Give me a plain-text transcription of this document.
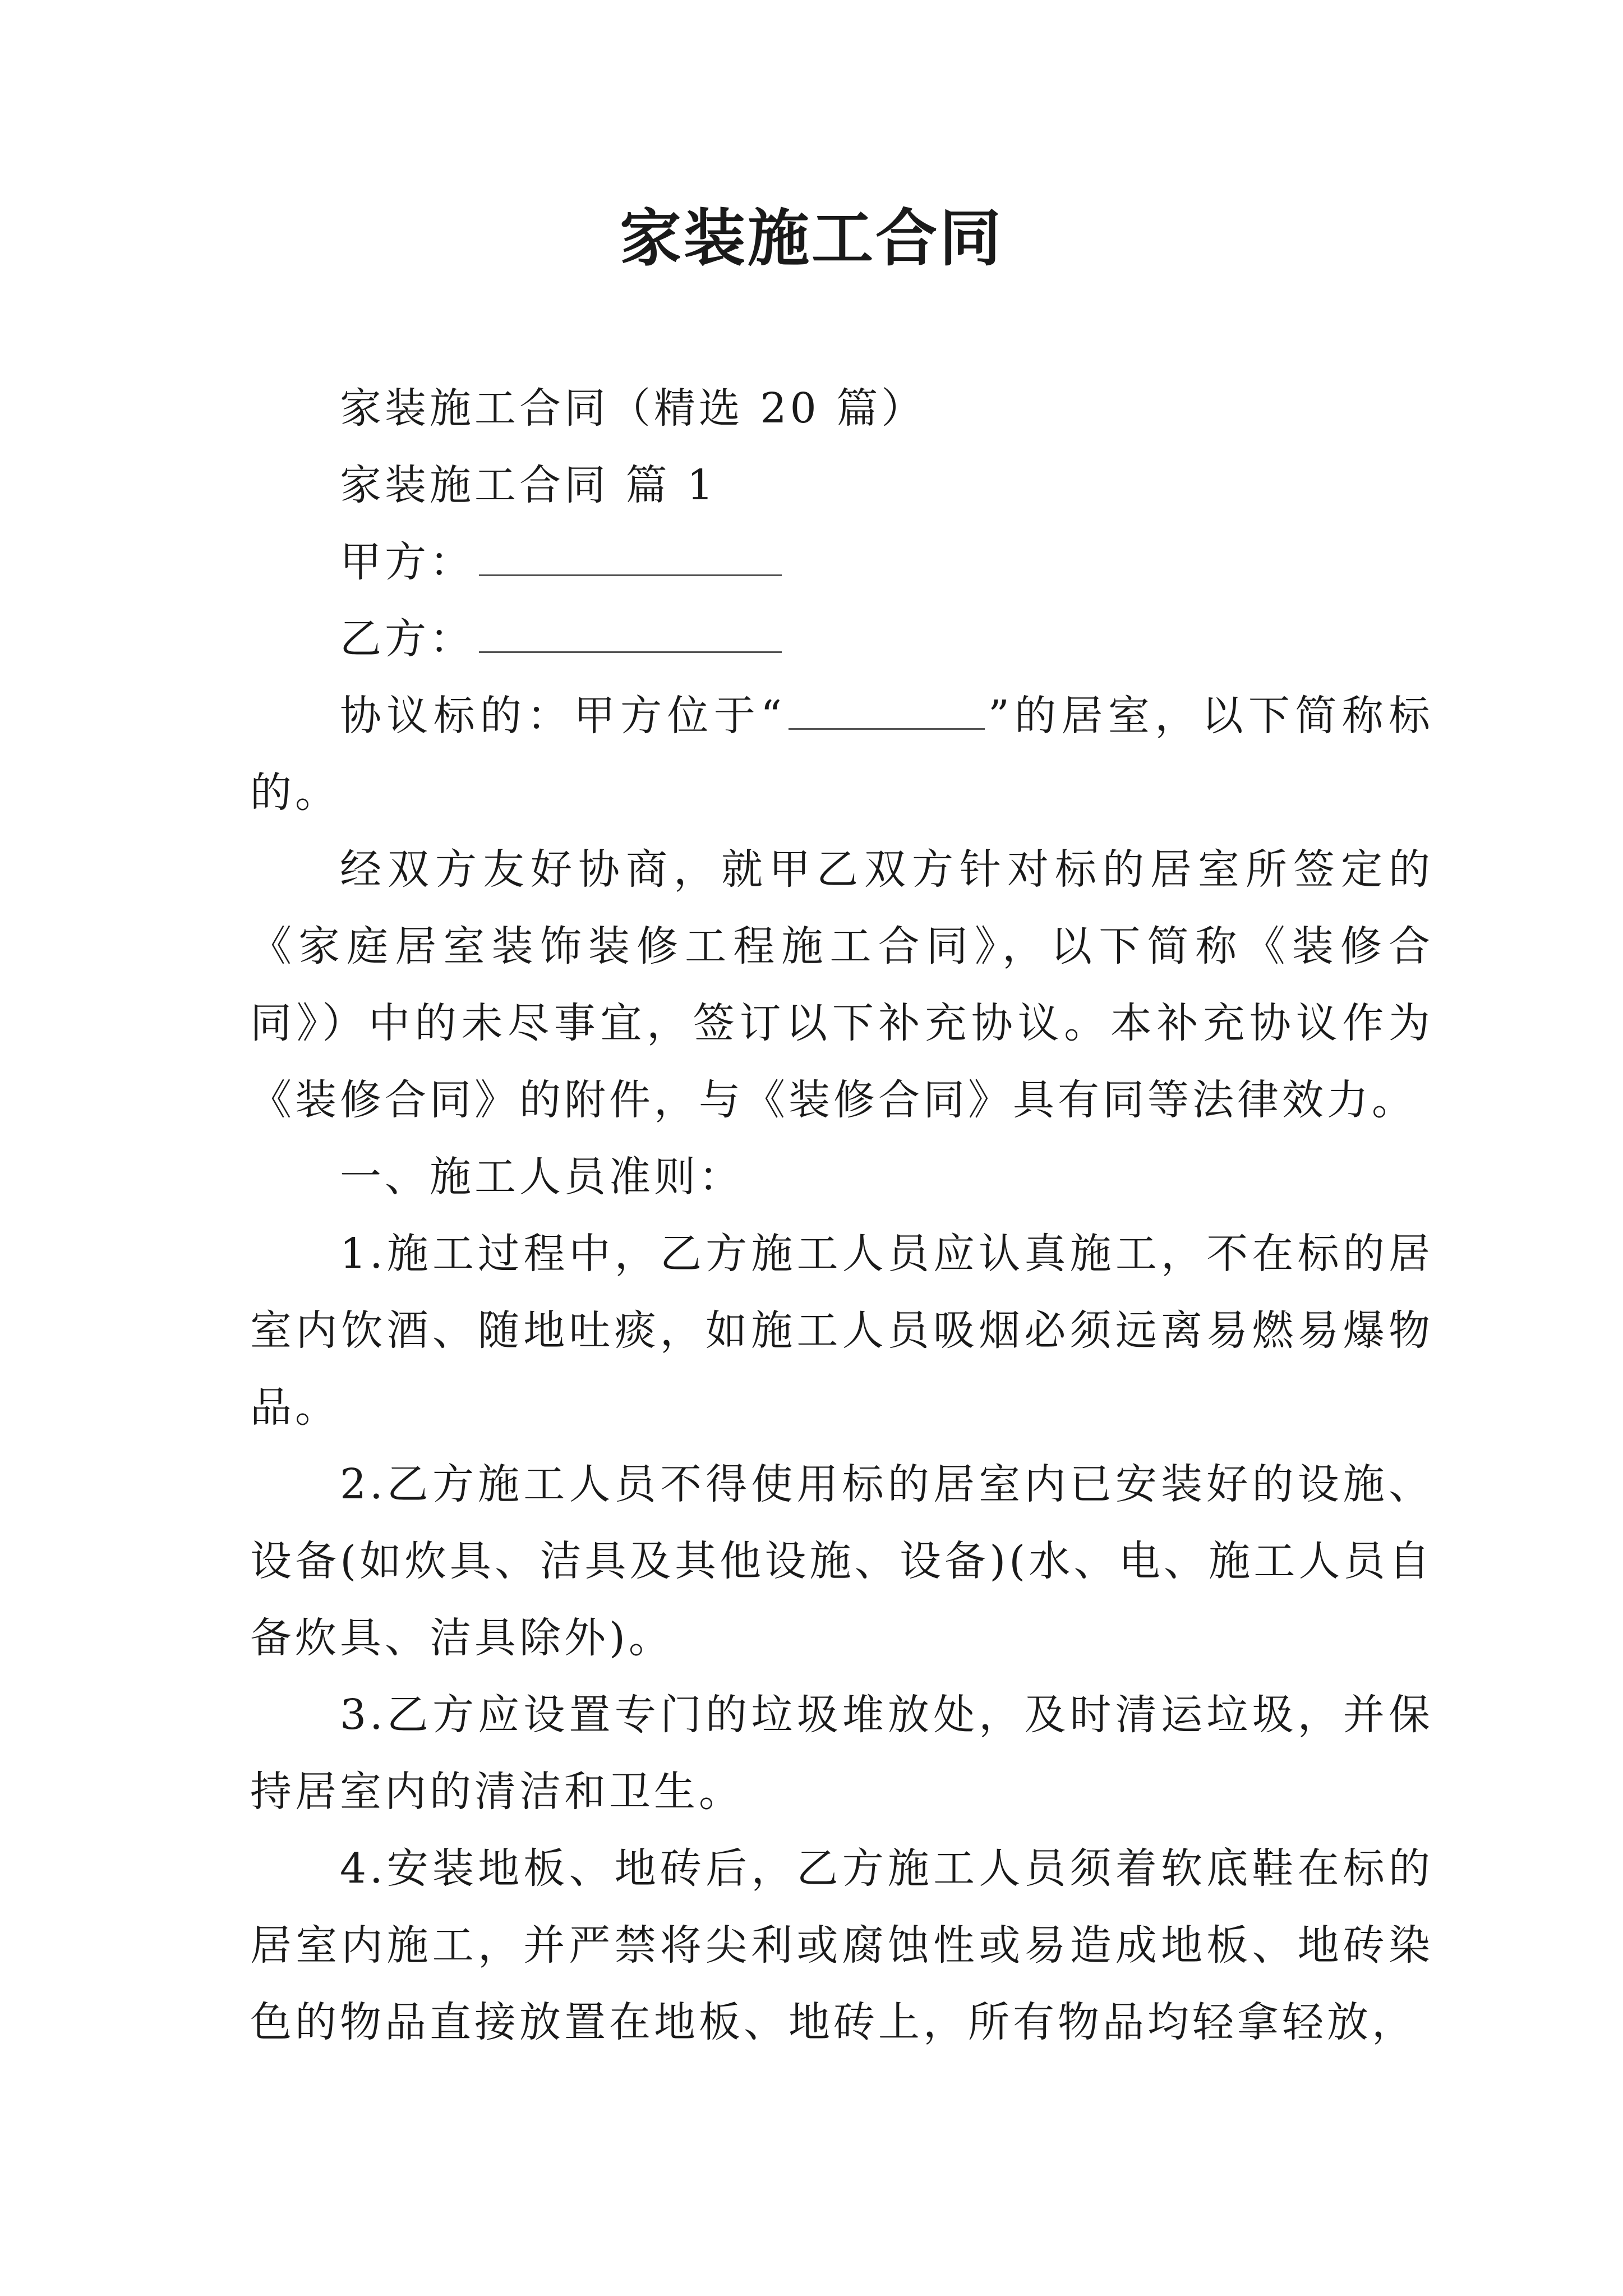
家装施工合同
家装施工合同（精选 20 篇）
家装施工合同 篇 1
甲方：
乙方：

协议标的：甲方位于“	”的居室，以下简称标的。

经双方友好协商，就甲乙双方针对标的居室所签定的《家庭居室装饰装修工程施工合同》，以下简称《装修合同》）中的未尽事宜，签订以下补充协议。本补充协议作为《装修合同》的附件，与《装修合同》具有同等法律效力。

一、施工人员准则：

1.施工过程中，乙方施工人员应认真施工，不在标的居室内饮酒、随地吐痰，如施工人员吸烟必须远离易燃易爆物品。

2.乙方施工人员不得使用标的居室内已安装好的设施、设备(如炊具、洁具及其他设施、设备)(水、电、施工人员自备炊具、洁具除外)。

3.乙方应设置专门的垃圾堆放处，及时清运垃圾，并保持居室内的清洁和卫生。

4.安装地板、地砖后，乙方施工人员须着软底鞋在标的居室内施工，并严禁将尖利或腐蚀性或易造成地板、地砖染色的物品直接放置在地板、地砖上，所有物品均轻拿轻放，
